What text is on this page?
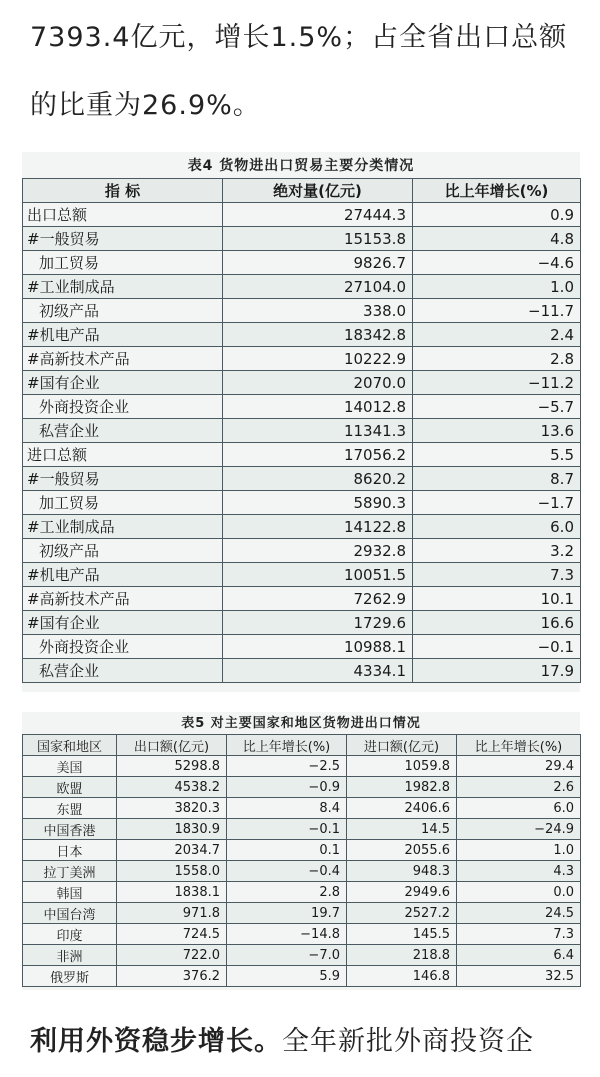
7393.4亿元，增长1.5%；占全省出口总额的比重为26.9%。
表4 货物进出口贸易主要分类情况
指 标	绝对量(亿元)	比上年增长(%)
出口总额	27444.3	0.9
#一般贸易	15153.8	4.8
加工贸易	9826.7	−4.6
#工业制成品	27104.0	1.0
初级产品	338.0	−11.7
#机电产品	18342.8	2.4
#高新技术产品	10222.9	2.8
#国有企业	2070.0	−11.2
外商投资企业	14012.8	−5.7
私营企业	11341.3	13.6
进口总额	17056.2	5.5
#一般贸易	8620.2	8.7
加工贸易	5890.3	−1.7
#工业制成品	14122.8	6.0
初级产品	2932.8	3.2
#机电产品	10051.5	7.3
#高新技术产品	7262.9	10.1
#国有企业	1729.6	16.6
外商投资企业	10988.1	−0.1
私营企业	4334.1	17.9
表5 对主要国家和地区货物进出口情况
国家和地区	出口额(亿元)	比上年增长(%)	进口额(亿元)	比上年增长(%)
美国	5298.8	−2.5	1059.8	29.4
欧盟	4538.2	−0.9	1982.8	2.6
东盟	3820.3	8.4	2406.6	6.0
中国香港	1830.9	−0.1	14.5	−24.9
日本	2034.7	0.1	2055.6	1.0
拉丁美洲	1558.0	−0.4	948.3	4.3
韩国	1838.1	2.8	2949.6	0.0
中国台湾	971.8	19.7	2527.2	24.5
印度	724.5	−14.8	145.5	7.3
非洲	722.0	−7.0	218.8	6.4
俄罗斯	376.2	5.9	146.8	32.5
利用外资稳步增长。全年新批外商投资企
